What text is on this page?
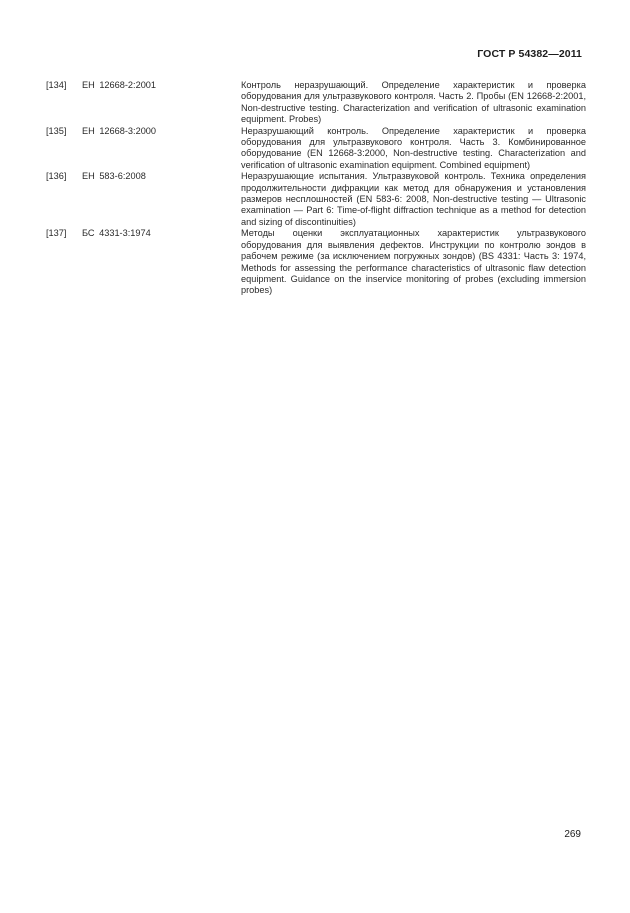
ГОСТ Р 54382—2011
[134]	ЕН 12668-2:2001	Контроль неразрушающий. Определение характеристик и проверка оборудования для ультразвукового контроля. Часть 2. Пробы (EN 12668-2:2001, Non-destructive testing. Characterization and verification of ultrasonic examination equipment. Probes)
[135]	ЕН 12668-3:2000	Неразрушающий контроль. Определение характеристик и проверка оборудования для ультразвукового контроля. Часть 3. Комбинированное оборудование (EN 12668-3:2000, Non-destructive testing. Characterization and verification of ultrasonic examination equipment. Combined equipment)
[136]	ЕН 583-6:2008	Неразрушающие испытания. Ультразвуковой контроль. Техника определения продолжительности дифракции как метод для обнаружения и установления размеров несплошностей (EN 583-6: 2008, Non-destructive testing — Ultrasonic examination — Part 6: Time-of-flight diffraction technique as a method for detection and sizing of discontinuities)
[137]	БС 4331-3:1974	Методы оценки эксплуатационных характеристик ультразвукового оборудования для выявления дефектов. Инструкции по контролю зондов в рабочем режиме (за исключением погружных зондов) (BS 4331: Часть 3: 1974, Methods for assessing the performance characteristics of ultrasonic flaw detection equipment. Guidance on the inservice monitoring of probes (excluding immersion probes)
269
